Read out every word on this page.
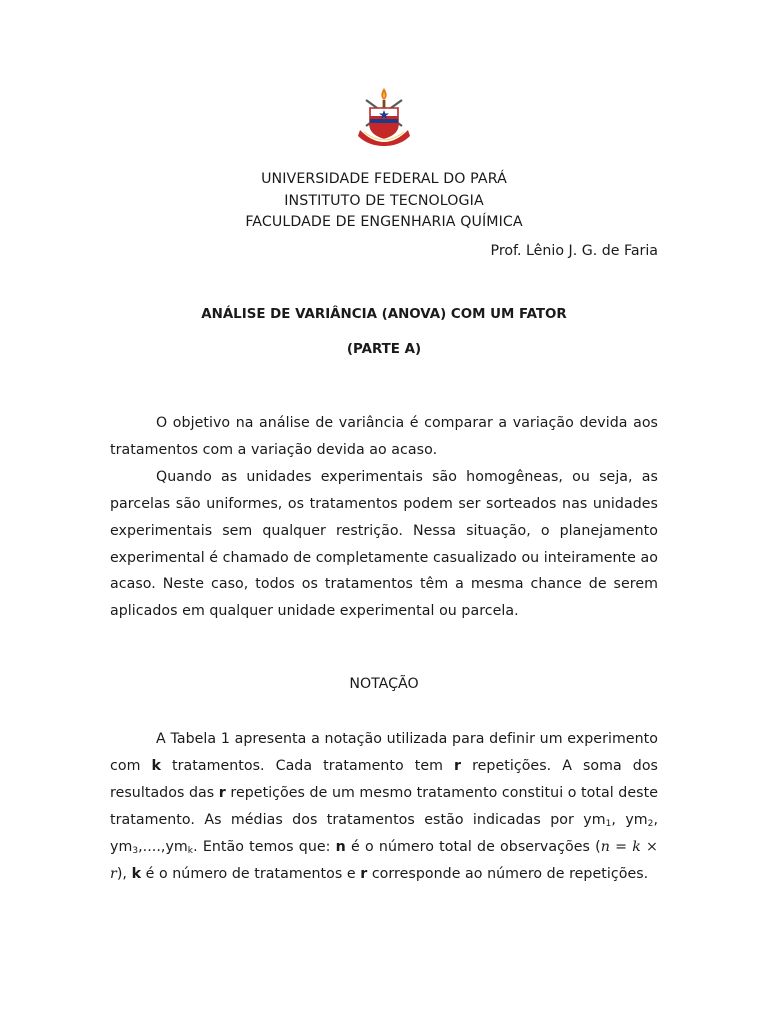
UNIVERSIDADE FEDERAL DO PARÁ
INSTITUTO DE TECNOLOGIA
FACULDADE DE ENGENHARIA QUÍMICA
Prof. Lênio J. G. de Faria
ANÁLISE DE VARIÂNCIA (ANOVA) COM UM FATOR
(PARTE A)

O objetivo na análise de variância é comparar a variação devida aos tratamentos com a variação devida ao acaso.

Quando as unidades experimentais são homogêneas, ou seja, as parcelas são uniformes, os tratamentos podem ser sorteados nas unidades experimentais sem qualquer restrição. Nessa situação, o planejamento experimental é chamado de completamente casualizado ou inteiramente ao acaso. Neste caso, todos os tratamentos têm a mesma chance de serem aplicados em qualquer unidade experimental ou parcela.

NOTAÇÃO

A Tabela 1 apresenta a notação utilizada para definir um experimento com k tratamentos. Cada tratamento tem r repetições. A soma dos resultados das r repetições de um mesmo tratamento constitui o total deste tratamento. As médias dos tratamentos estão indicadas por $ym_1$, $ym_2$, $ym_3,....,ym_k$. Então temos que: n é o número total de observações (n = k × r), k é o número de tratamentos e r corresponde ao número de repetições.
